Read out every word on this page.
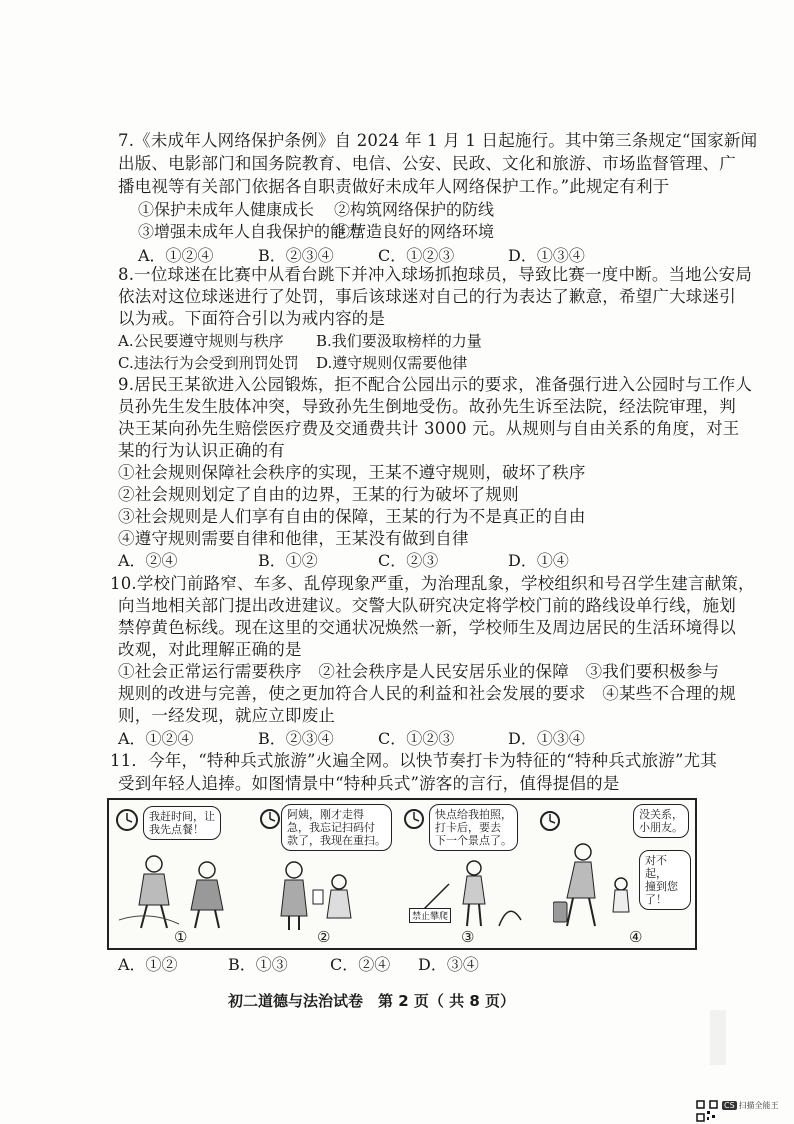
7.《未成年人网络保护条例》自 2024 年 1 月 1 日起施行。其中第三条规定“国家新闻
出版、电影部门和国务院教育、电信、公安、民政、文化和旅游、市场监督管理、广
播电视等有关部门依据各自职责做好未成年人网络保护工作。”此规定有利于
①保护未成年人健康成长 ②构筑网络保护的防线
③增强未成年人自我保护的能力
④营造良好的网络环境
A．①②④	B．②③④	C．①②③	D．①③④
8.一位球迷在比赛中从看台跳下并冲入球场抓抱球员，导致比赛一度中断。当地公安局
依法对这位球迷进行了处罚，事后该球迷对自己的行为表达了歉意，希望广大球迷引
以为戒。下面符合引以为戒内容的是
A.公民要遵守规则与秩序 B.我们要汲取榜样的力量
C.违法行为会受到刑罚处罚 D.遵守规则仅需要他律
9.居民王某欲进入公园锻炼，拒不配合公园出示的要求，准备强行进入公园时与工作人
员孙先生发生肢体冲突，导致孙先生倒地受伤。故孙先生诉至法院，经法院审理，判
决王某向孙先生赔偿医疗费及交通费共计 3000 元。从规则与自由关系的角度，对王
某的行为认识正确的有
①社会规则保障社会秩序的实现，王某不遵守规则，破坏了秩序
②社会规则划定了自由的边界，王某的行为破坏了规则
③社会规则是人们享有自由的保障，王某的行为不是真正的自由
④遵守规则需要自律和他律，王某没有做到自律
A．②④	B．①②	C．②③	D．①④
10.学校门前路窄、车多、乱停现象严重，为治理乱象，学校组织和号召学生建言献策，
向当地相关部门提出改进建议。交警大队研究决定将学校门前的路线设单行线，施划
禁停黄色标线。现在这里的交通状况焕然一新，学校师生及周边居民的生活环境得以
改观，对此理解正确的是
①社会正常运行需要秩序　②社会秩序是人民安居乐业的保障　③我们要积极参与
规则的改进与完善，使之更加符合人民的利益和社会发展的要求　④某些不合理的规
则，一经发现，就应立即废止
A．①②④	B．②③④	C．①②③	D．①③④
11．今年，“特种兵式旅游”火遍全网。以快节奏打卡为特征的“特种兵式旅游”尤其
我赶时间，让
我先点餐！
①
阿姨，刚才走得
急，我忘记扫码付
款了，我现在重扫。
②
快点给我拍照，
打卡后，要去
下一个景点了。
禁止攀爬
③
没关系，
小朋友。
对不起，
撞到您
了！
④
A．①②	B．①③	C．②④ D．③④
初二道德与法治试卷　第 2 页（ 共 8 页）
CS 扫描全能王
受到年轻人追捧。如图情景中“特种兵式”游客的言行，值得提倡的是
